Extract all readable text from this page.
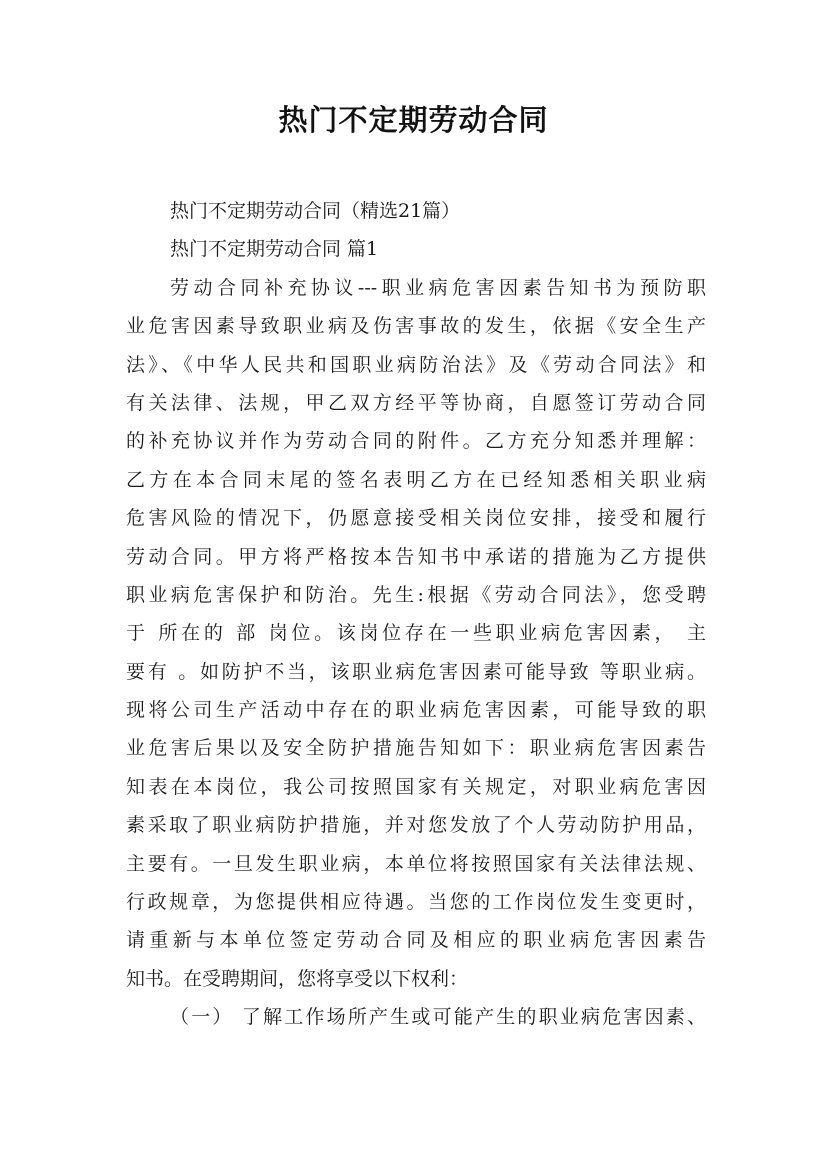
热门不定期劳动合同
热门不定期劳动合同（精选21篇）
热门不定期劳动合同 篇1
劳动合同补充协议---职业病危害因素告知书为预防职
业危害因素导致职业病及伤害事故的发生，依据《安全生产
法》、《中华人民共和国职业病防治法》及《劳动合同法》和
有关法律、法规，甲乙双方经平等协商，自愿签订劳动合同
的补充协议并作为劳动合同的附件。乙方充分知悉并理解：
乙方在本合同末尾的签名表明乙方在已经知悉相关职业病
危害风险的情况下，仍愿意接受相关岗位安排，接受和履行
劳动合同。甲方将严格按本告知书中承诺的措施为乙方提供
职业病危害保护和防治。先生:根据《劳动合同法》，您受聘
于 所在的 部 岗位。该岗位存在一些职业病危害因素， 主
要有 。如防护不当，该职业病危害因素可能导致 等职业病。
现将公司生产活动中存在的职业病危害因素，可能导致的职
业危害后果以及安全防护措施告知如下：职业病危害因素告
知表在本岗位，我公司按照国家有关规定，对职业病危害因
素采取了职业病防护措施，并对您发放了个人劳动防护用品，
主要有。一旦发生职业病，本单位将按照国家有关法律法规、
行政规章，为您提供相应待遇。当您的工作岗位发生变更时，
请重新与本单位签定劳动合同及相应的职业病危害因素告
知书。在受聘期间，您将享受以下权利：
（一） 了解工作场所产生或可能产生的职业病危害因素、
